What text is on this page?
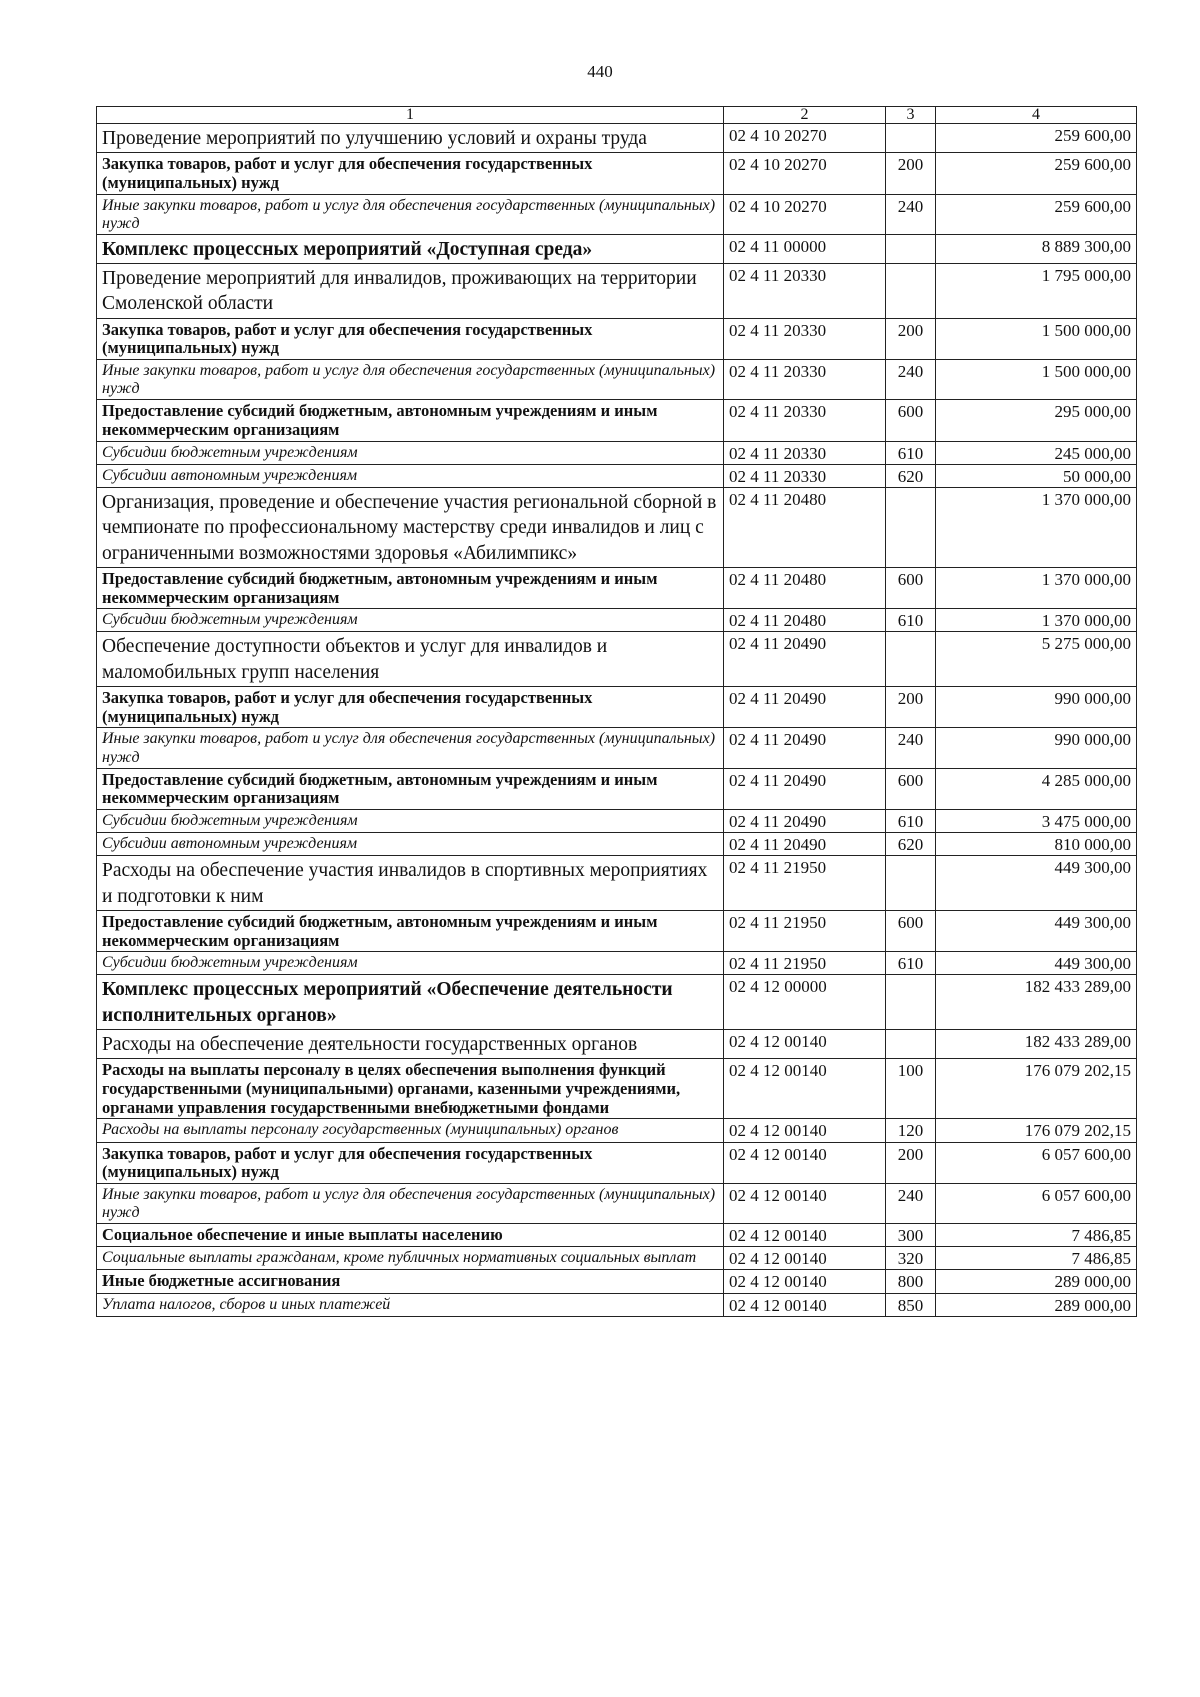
440
1	2	3	4
Проведение мероприятий по улучшению условий и охраны труда	02 4 10 20270		259 600,00
Закупка товаров, работ и услуг для обеспечения государственных (муниципальных) нужд	02 4 10 20270	200	259 600,00
Иные закупки товаров, работ и услуг для обеспечения государственных (муниципальных) нужд	02 4 10 20270	240	259 600,00
Комплекс процессных мероприятий «Доступная среда»	02 4 11 00000		8 889 300,00
Проведение мероприятий для инвалидов, проживающих на территории Смоленской области	02 4 11 20330		1 795 000,00
Закупка товаров, работ и услуг для обеспечения государственных (муниципальных) нужд	02 4 11 20330	200	1 500 000,00
Иные закупки товаров, работ и услуг для обеспечения государственных (муниципальных) нужд	02 4 11 20330	240	1 500 000,00
Предоставление субсидий бюджетным, автономным учреждениям и иным некоммерческим организациям	02 4 11 20330	600	295 000,00
Субсидии бюджетным учреждениям	02 4 11 20330	610	245 000,00
Субсидии автономным учреждениям	02 4 11 20330	620	50 000,00
Организация, проведение и обеспечение участия региональной сборной в чемпионате по профессиональному мастерству среди инвалидов и лиц с ограниченными возможностями здоровья «Абилимпикс»	02 4 11 20480		1 370 000,00
Предоставление субсидий бюджетным, автономным учреждениям и иным некоммерческим организациям	02 4 11 20480	600	1 370 000,00
Субсидии бюджетным учреждениям	02 4 11 20480	610	1 370 000,00
Обеспечение доступности объектов и услуг для инвалидов и маломобильных групп населения	02 4 11 20490		5 275 000,00
Закупка товаров, работ и услуг для обеспечения государственных (муниципальных) нужд	02 4 11 20490	200	990 000,00
Иные закупки товаров, работ и услуг для обеспечения государственных (муниципальных) нужд	02 4 11 20490	240	990 000,00
Предоставление субсидий бюджетным, автономным учреждениям и иным некоммерческим организациям	02 4 11 20490	600	4 285 000,00
Субсидии бюджетным учреждениям	02 4 11 20490	610	3 475 000,00
Субсидии автономным учреждениям	02 4 11 20490	620	810 000,00
Расходы на обеспечение участия инвалидов в спортивных мероприятиях и подготовки к ним	02 4 11 21950		449 300,00
Предоставление субсидий бюджетным, автономным учреждениям и иным некоммерческим организациям	02 4 11 21950	600	449 300,00
Субсидии бюджетным учреждениям	02 4 11 21950	610	449 300,00
Комплекс процессных мероприятий «Обеспечение деятельности исполнительных органов»	02 4 12 00000		182 433 289,00
Расходы на обеспечение деятельности государственных органов	02 4 12 00140		182 433 289,00
Расходы на выплаты персоналу в целях обеспечения выполнения функций государственными (муниципальными) органами, казенными учреждениями, органами управления государственными внебюджетными фондами	02 4 12 00140	100	176 079 202,15
Расходы на выплаты персоналу государственных (муниципальных) органов	02 4 12 00140	120	176 079 202,15
Закупка товаров, работ и услуг для обеспечения государственных (муниципальных) нужд	02 4 12 00140	200	6 057 600,00
Иные закупки товаров, работ и услуг для обеспечения государственных (муниципальных) нужд	02 4 12 00140	240	6 057 600,00
Социальное обеспечение и иные выплаты населению	02 4 12 00140	300	7 486,85
Социальные выплаты гражданам, кроме публичных нормативных социальных выплат	02 4 12 00140	320	7 486,85
Иные бюджетные ассигнования	02 4 12 00140	800	289 000,00
Уплата налогов, сборов и иных платежей	02 4 12 00140	850	289 000,00
